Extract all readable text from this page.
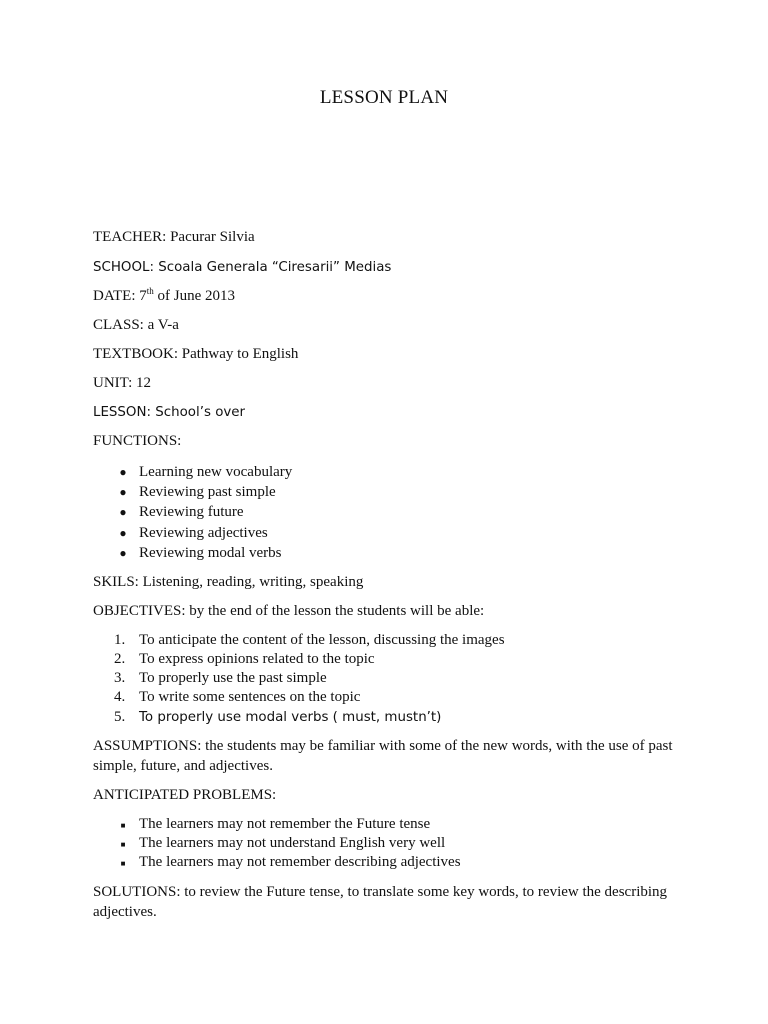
LESSON PLAN
TEACHER: Pacurar Silvia
SCHOOL: Scoala Generala “Ciresarii” Medias
DATE: 7th of June 2013
CLASS: a V-a
TEXTBOOK: Pathway to English
UNIT: 12
LESSON: School’s over
FUNCTIONS:
● Learning new vocabulary
● Reviewing past simple
● Reviewing future
● Reviewing adjectives
● Reviewing modal verbs
SKILS: Listening, reading, writing, speaking
OBJECTIVES: by the end of the lesson the students will be able:
1. To anticipate the content of the lesson, discussing the images
2. To express opinions related to the topic
3. To properly use the past simple
4. To write some sentences on the topic
5.	To properly use modal verbs ( must, mustn’t)
ASSUMPTIONS: the students may be familiar with some of the new words, with the use of past simple, future, and adjectives.
ANTICIPATED PROBLEMS:
■ The learners may not remember the Future tense
■ The learners may not understand English very well
■ The learners may not remember describing adjectives
SOLUTIONS: to review the Future tense, to translate some key words, to review the describing adjectives.
